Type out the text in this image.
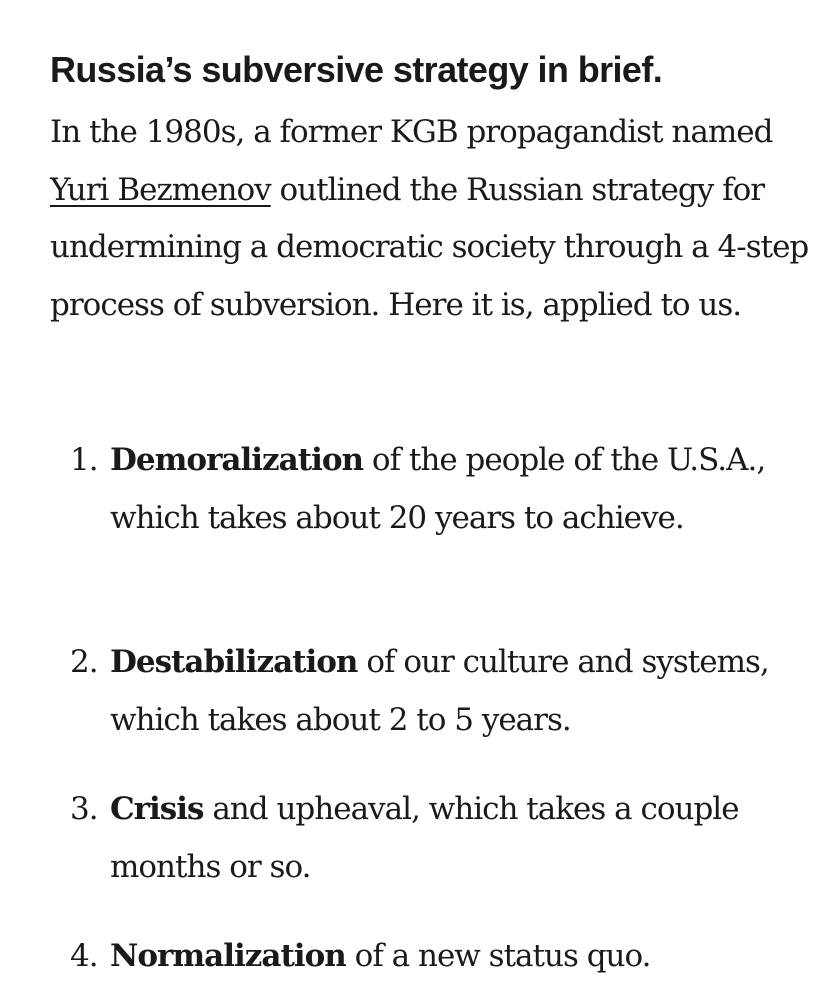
Russia’s subversive strategy in brief.

In the 1980s, a former KGB propagandist named Yuri Bezmenov outlined the Russian strategy for undermining a democratic society through a 4-step process of subversion. Here it is, applied to us.

1. Demoralization of the people of the U.S.A., which takes about 20 years to achieve.
2. Destabilization of our culture and systems, which takes about 2 to 5 years.
3. Crisis and upheaval, which takes a couple months or so.
4. Normalization of a new status quo.
